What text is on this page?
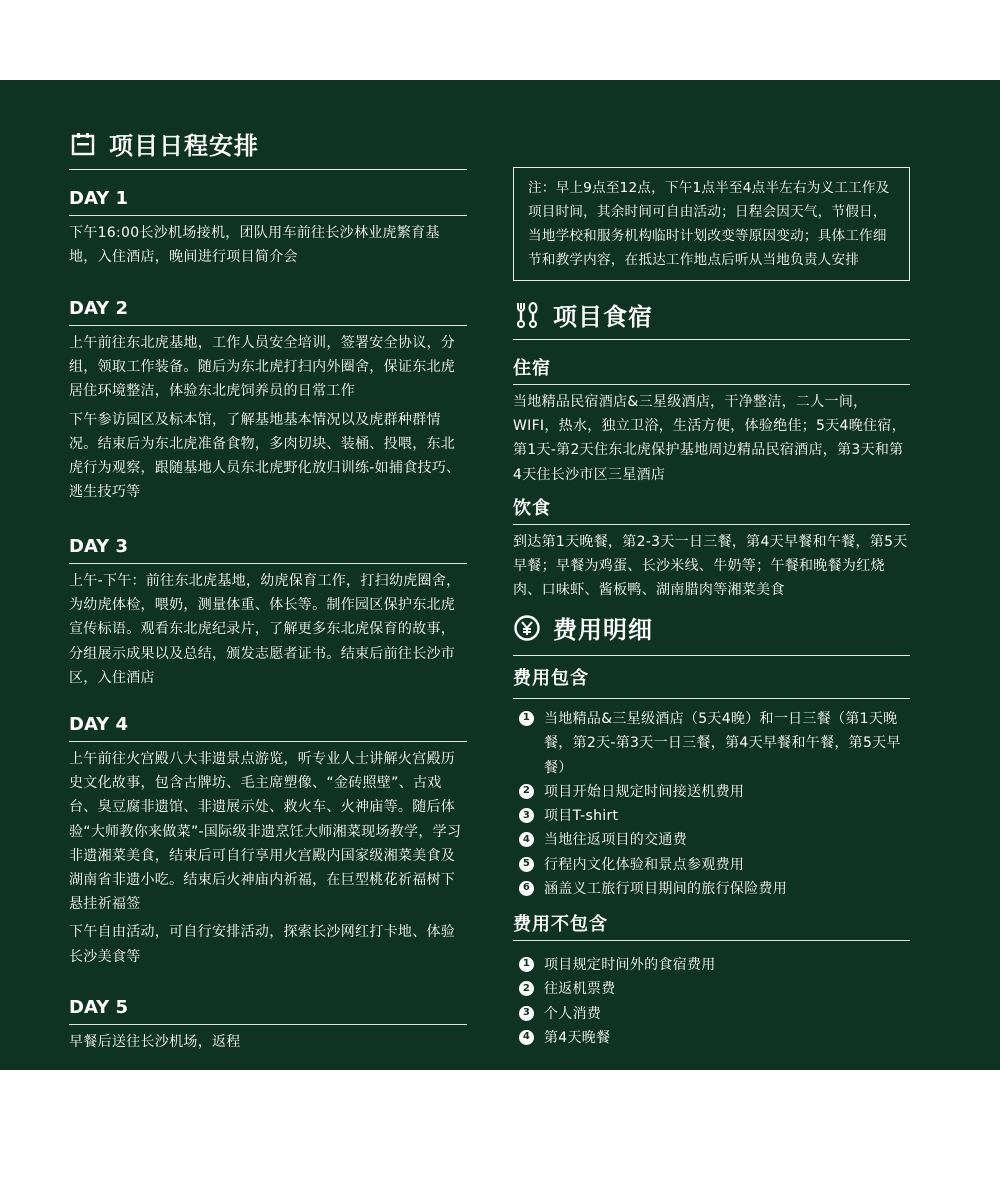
项目日程安排
DAY 1

下午16:00长沙机场接机，团队用车前往长沙林业虎繁育基地，入住酒店，晚间进行项目简介会

DAY 2

上午前往东北虎基地，工作人员安全培训，签署安全协议，分组，领取工作装备。随后为东北虎打扫内外圈舍，保证东北虎居住环境整洁，体验东北虎饲养员的日常工作

下午参访园区及标本馆，了解基地基本情况以及虎群种群情况。结束后为东北虎准备食物，多肉切块、装桶、投喂，东北虎行为观察，跟随基地人员东北虎野化放归训练-如捕食技巧、逃生技巧等

DAY 3

上午-下午：前往东北虎基地，幼虎保育工作，打扫幼虎圈舍，为幼虎体检，喂奶，测量体重、体长等。制作园区保护东北虎宣传标语。观看东北虎纪录片，了解更多东北虎保育的故事，分组展示成果以及总结，颁发志愿者证书。结束后前往长沙市区，入住酒店

DAY 4

上午前往火宫殿八大非遗景点游览，听专业人士讲解火宫殿历史文化故事，包含古牌坊、毛主席塑像、“金砖照壁”、古戏台、臭豆腐非遗馆、非遗展示处、救火车、火神庙等。随后体验“大师教你来做菜”-国际级非遗烹饪大师湘菜现场教学，学习非遗湘菜美食，结束后可自行享用火宫殿内国家级湘菜美食及湖南省非遗小吃。结束后火神庙内祈福，在巨型桃花祈福树下悬挂祈福签

下午自由活动，可自行安排活动，探索长沙网红打卡地、体验长沙美食等

DAY 5

早餐后送往长沙机场，返程

注：早上9点至12点，下午1点半至4点半左右为义工工作及项目时间，其余时间可自由活动；日程会因天气，节假日，当地学校和服务机构临时计划改变等原因变动；具体工作细节和教学内容，在抵达工作地点后听从当地负责人安排
项目食宿
住宿

当地精品民宿酒店&三星级酒店，干净整洁，二人一间，WIFI，热水，独立卫浴，生活方便，体验绝佳；5天4晚住宿，第1天-第2天住东北虎保护基地周边精品民宿酒店，第3天和第4天住长沙市区三星酒店

饮食

到达第1天晚餐，第2-3天一日三餐，第4天早餐和午餐，第5天早餐；早餐为鸡蛋、长沙米线、牛奶等；午餐和晚餐为红烧肉、口味虾、酱板鸭、湖南腊肉等湘菜美食

费用明细
费用包含
1 当地精品&三星级酒店（5天4晚）和一日三餐（第1天晚餐，第2天-第3天一日三餐，第4天早餐和午餐，第5天早餐）
2 项目开始日规定时间接送机费用
3 项目T-shirt
4 当地往返项目的交通费
5 行程内文化体验和景点参观费用
6 涵盖义工旅行项目期间的旅行保险费用
费用不包含
1 项目规定时间外的食宿费用
2 往返机票费
3 个人消费
4 第4天晚餐
